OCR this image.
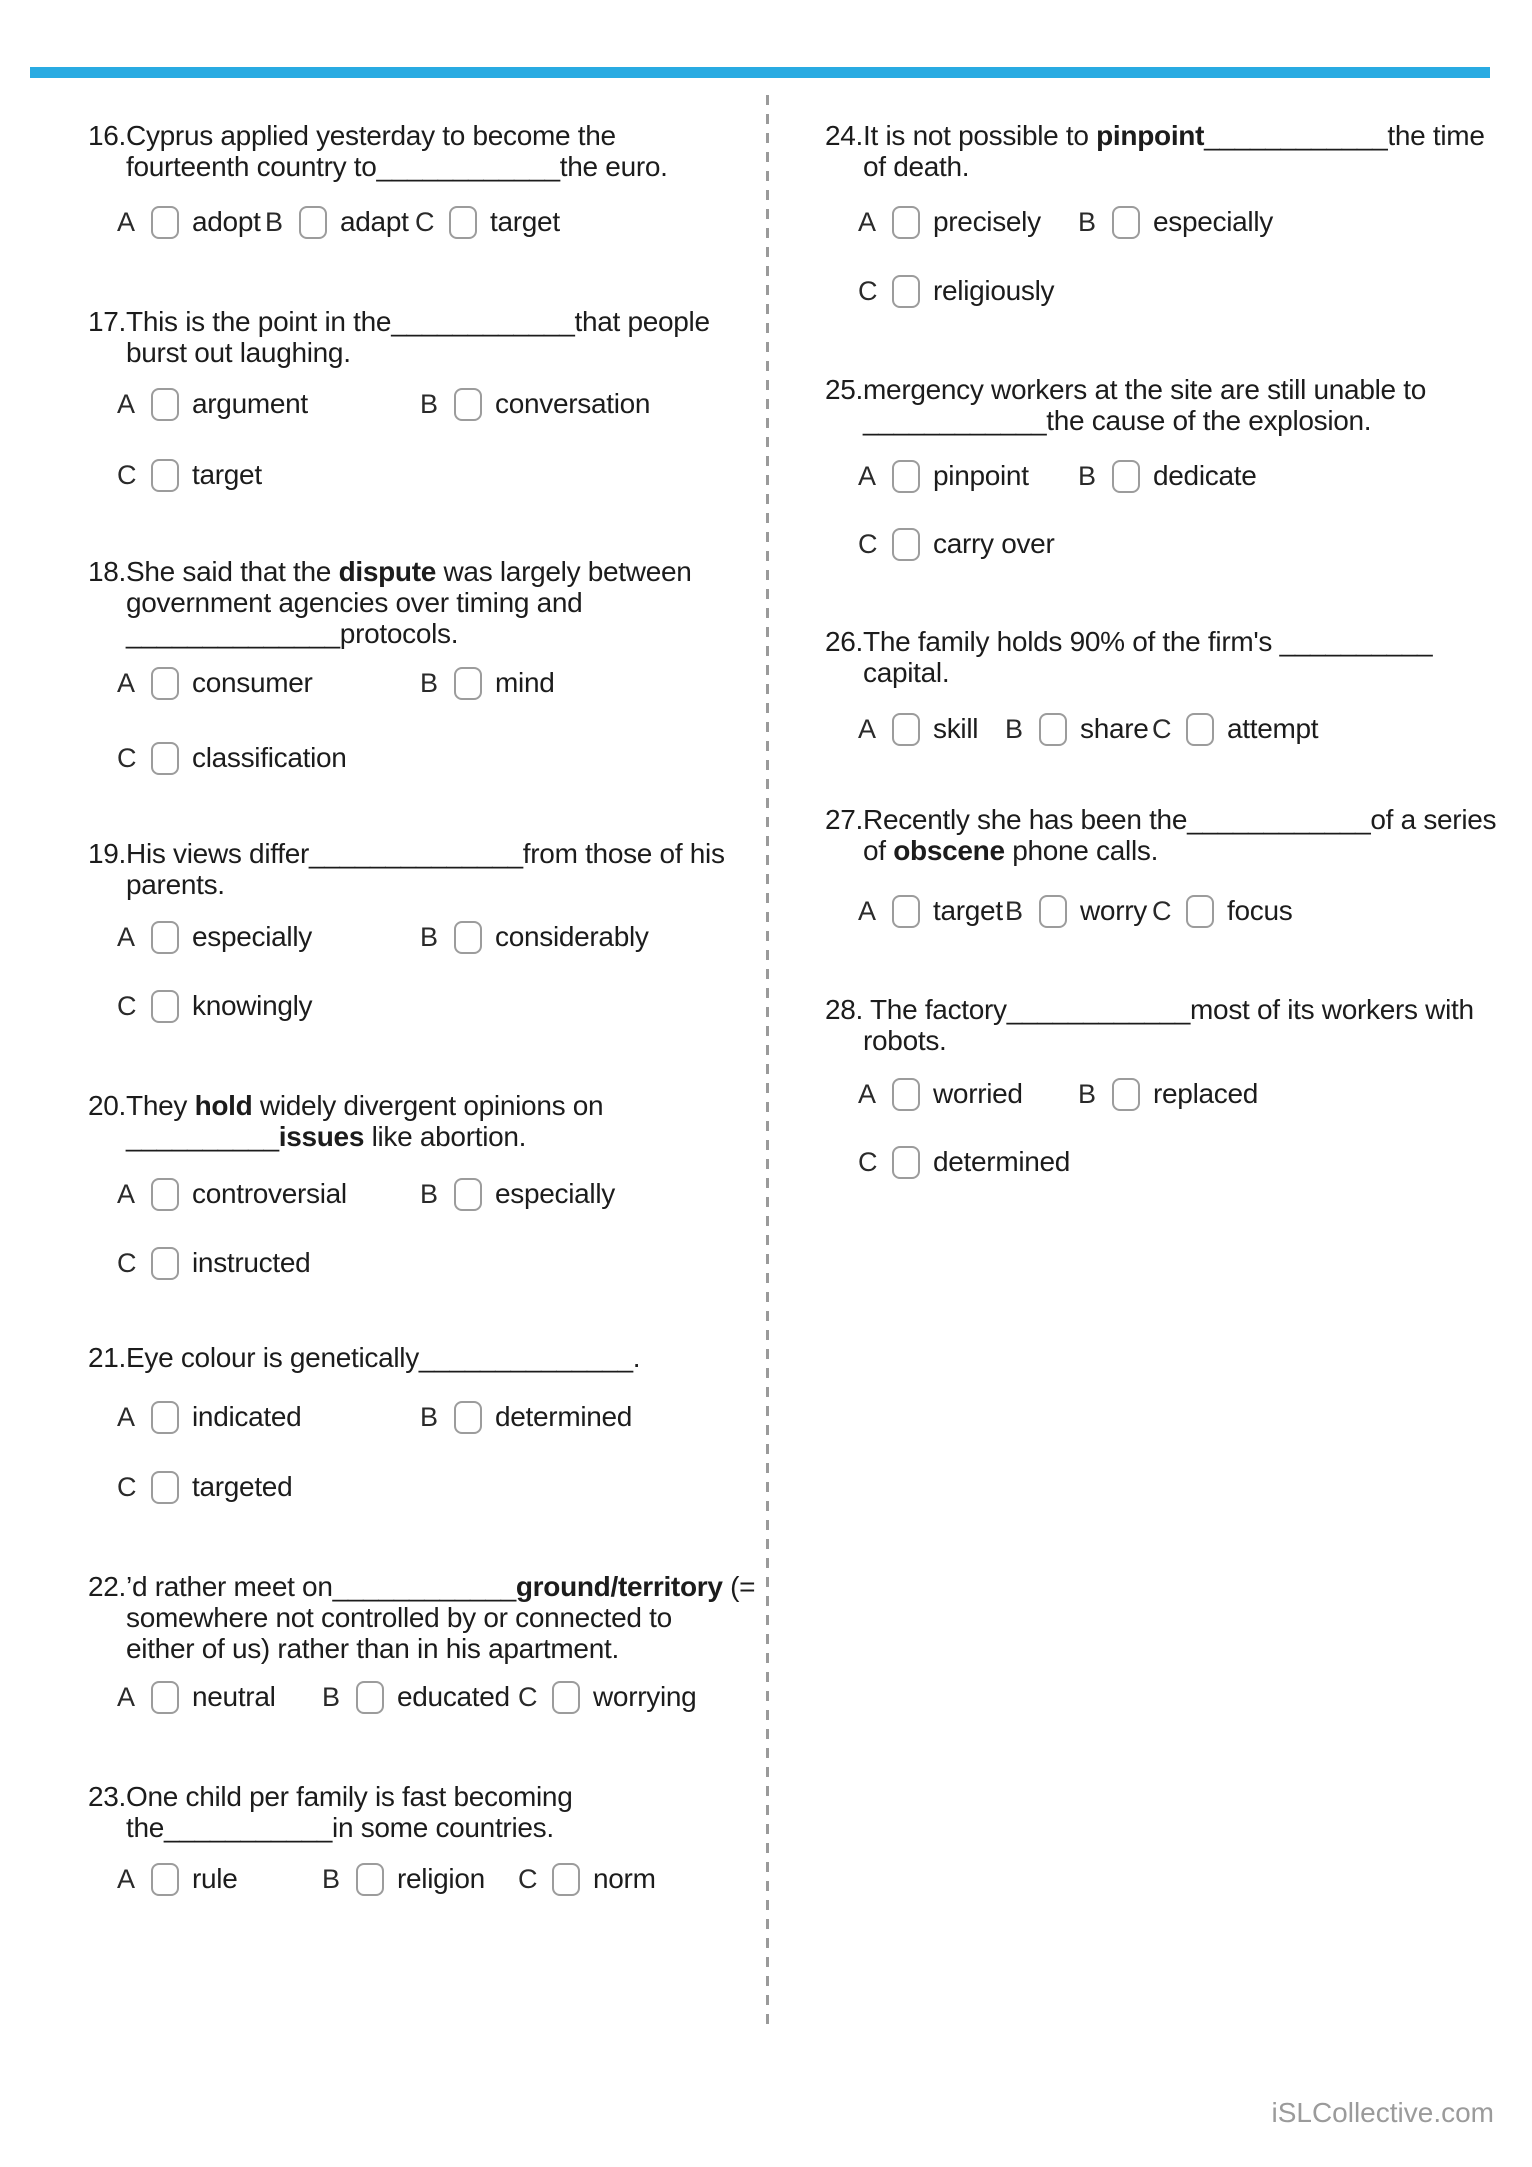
16.Cyprus applied yesterday to become the
fourteenth country to____________the euro.
A adopt B adapt C target
17.This is the point in the____________that people
burst out laughing.
A argument	B conversation
C target
18.She said that the dispute was largely between
government agencies over timing and
______________protocols.
A consumer	B mind
C classification
19.His views differ______________from those of his
parents.
A especially	B considerably
C knowingly
20.They hold widely divergent opinions on
__________issues like abortion.
A controversial	B especially
C instructed
21.Eye colour is genetically______________.
A indicated	B determined
C targeted
22.’d rather meet on____________ground/territory (=
somewhere not controlled by or connected to
either of us) rather than in his apartment.
A neutral B educated C worrying
23.One child per family is fast becoming
the___________in some countries.
A rule	B religion C norm
24.It is not possible to pinpoint____________the time
of death.
A precisely B especially
C religiously
25.mergency workers at the site are still unable to
____________the cause of the explosion.
A pinpoint B dedicate
C carry over
26.The family holds 90% of the firm's __________
capital.
A skill B share C attempt
27.Recently she has been the____________of a series
of obscene phone calls.
A target B worry C focus
28. The factory____________most of its workers with
robots.
A worried B replaced
C determined
iSLCollective.com
